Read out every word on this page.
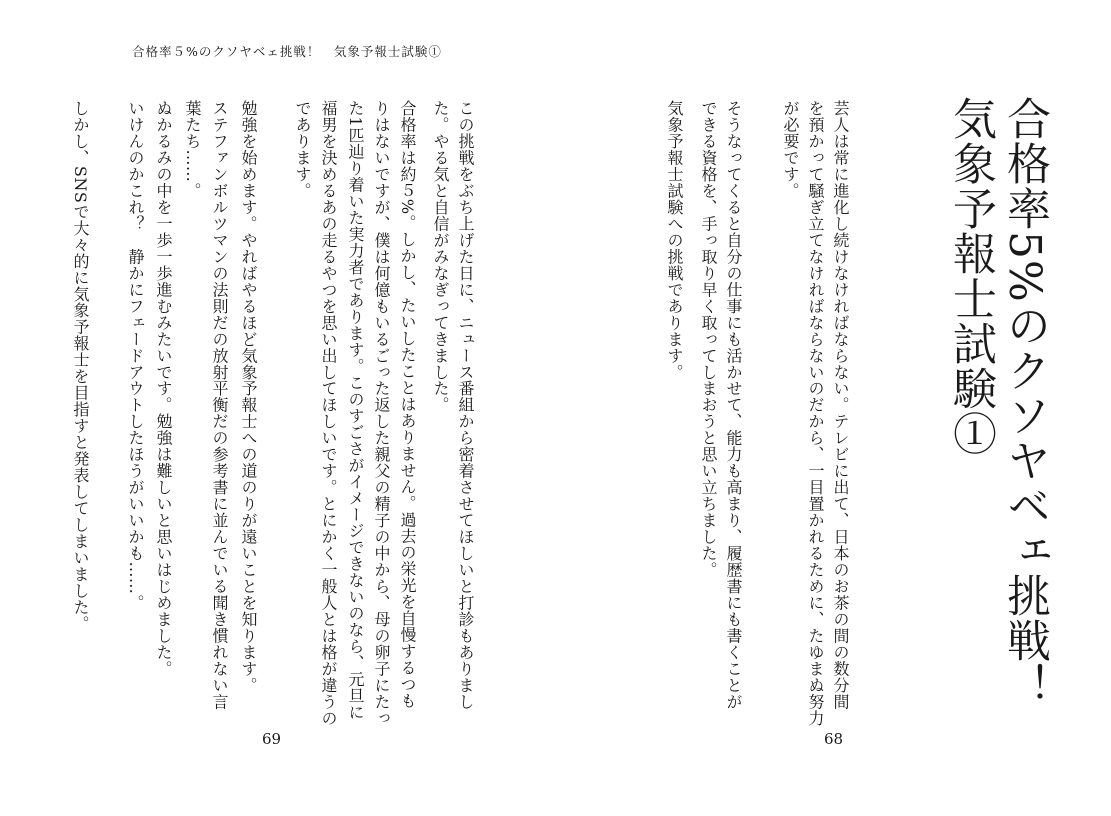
合格率５%のクソヤベェ挑戦！　気象予報士試験①
合格率5%のクソヤベェ挑戦！
気象予報士試験①
芸人は常に進化し続けなければならない。テレビに出て、日本のお茶の間の数分間
を預かって騒ぎ立てなければならないのだから、一目置かれるために、たゆまぬ努力
が必要です。
そうなってくると自分の仕事にも活かせて、能力も高まり、履歴書にも書くことが
できる資格を、手っ取り早く取ってしまおうと思い立ちました。
気象予報士試験への挑戦であります。
68
この挑戦をぶち上げた日に、ニュース番組から密着させてほしいと打診もありまし
た。やる気と自信がみなぎってきました。
合格率は約５%。しかし、たいしたことはありません。過去の栄光を自慢するつも
りはないですが、僕は何億もいるごった返した親父の精子の中から、母の卵子にたっ
た1匹辿り着いた実力者であります。このすごさがイメージできないのなら、元旦に
福男を決めるあの走るやつを思い出してほしいです。とにかく一般人とは格が違うの
であります。
勉強を始めます。やればやるほど気象予報士への道のりが遠いことを知ります。
ステファンボルツマンの法則だの放射平衡だの参考書に並んでいる聞き慣れない言
葉たち……。
ぬかるみの中を一歩一歩進むみたいです。勉強は難しいと思いはじめました。
いけんのかこれ？　静かにフェードアウトしたほうがいいかも……。
しかし、SNSで大々的に気象予報士を目指すと発表してしまいました。
69
